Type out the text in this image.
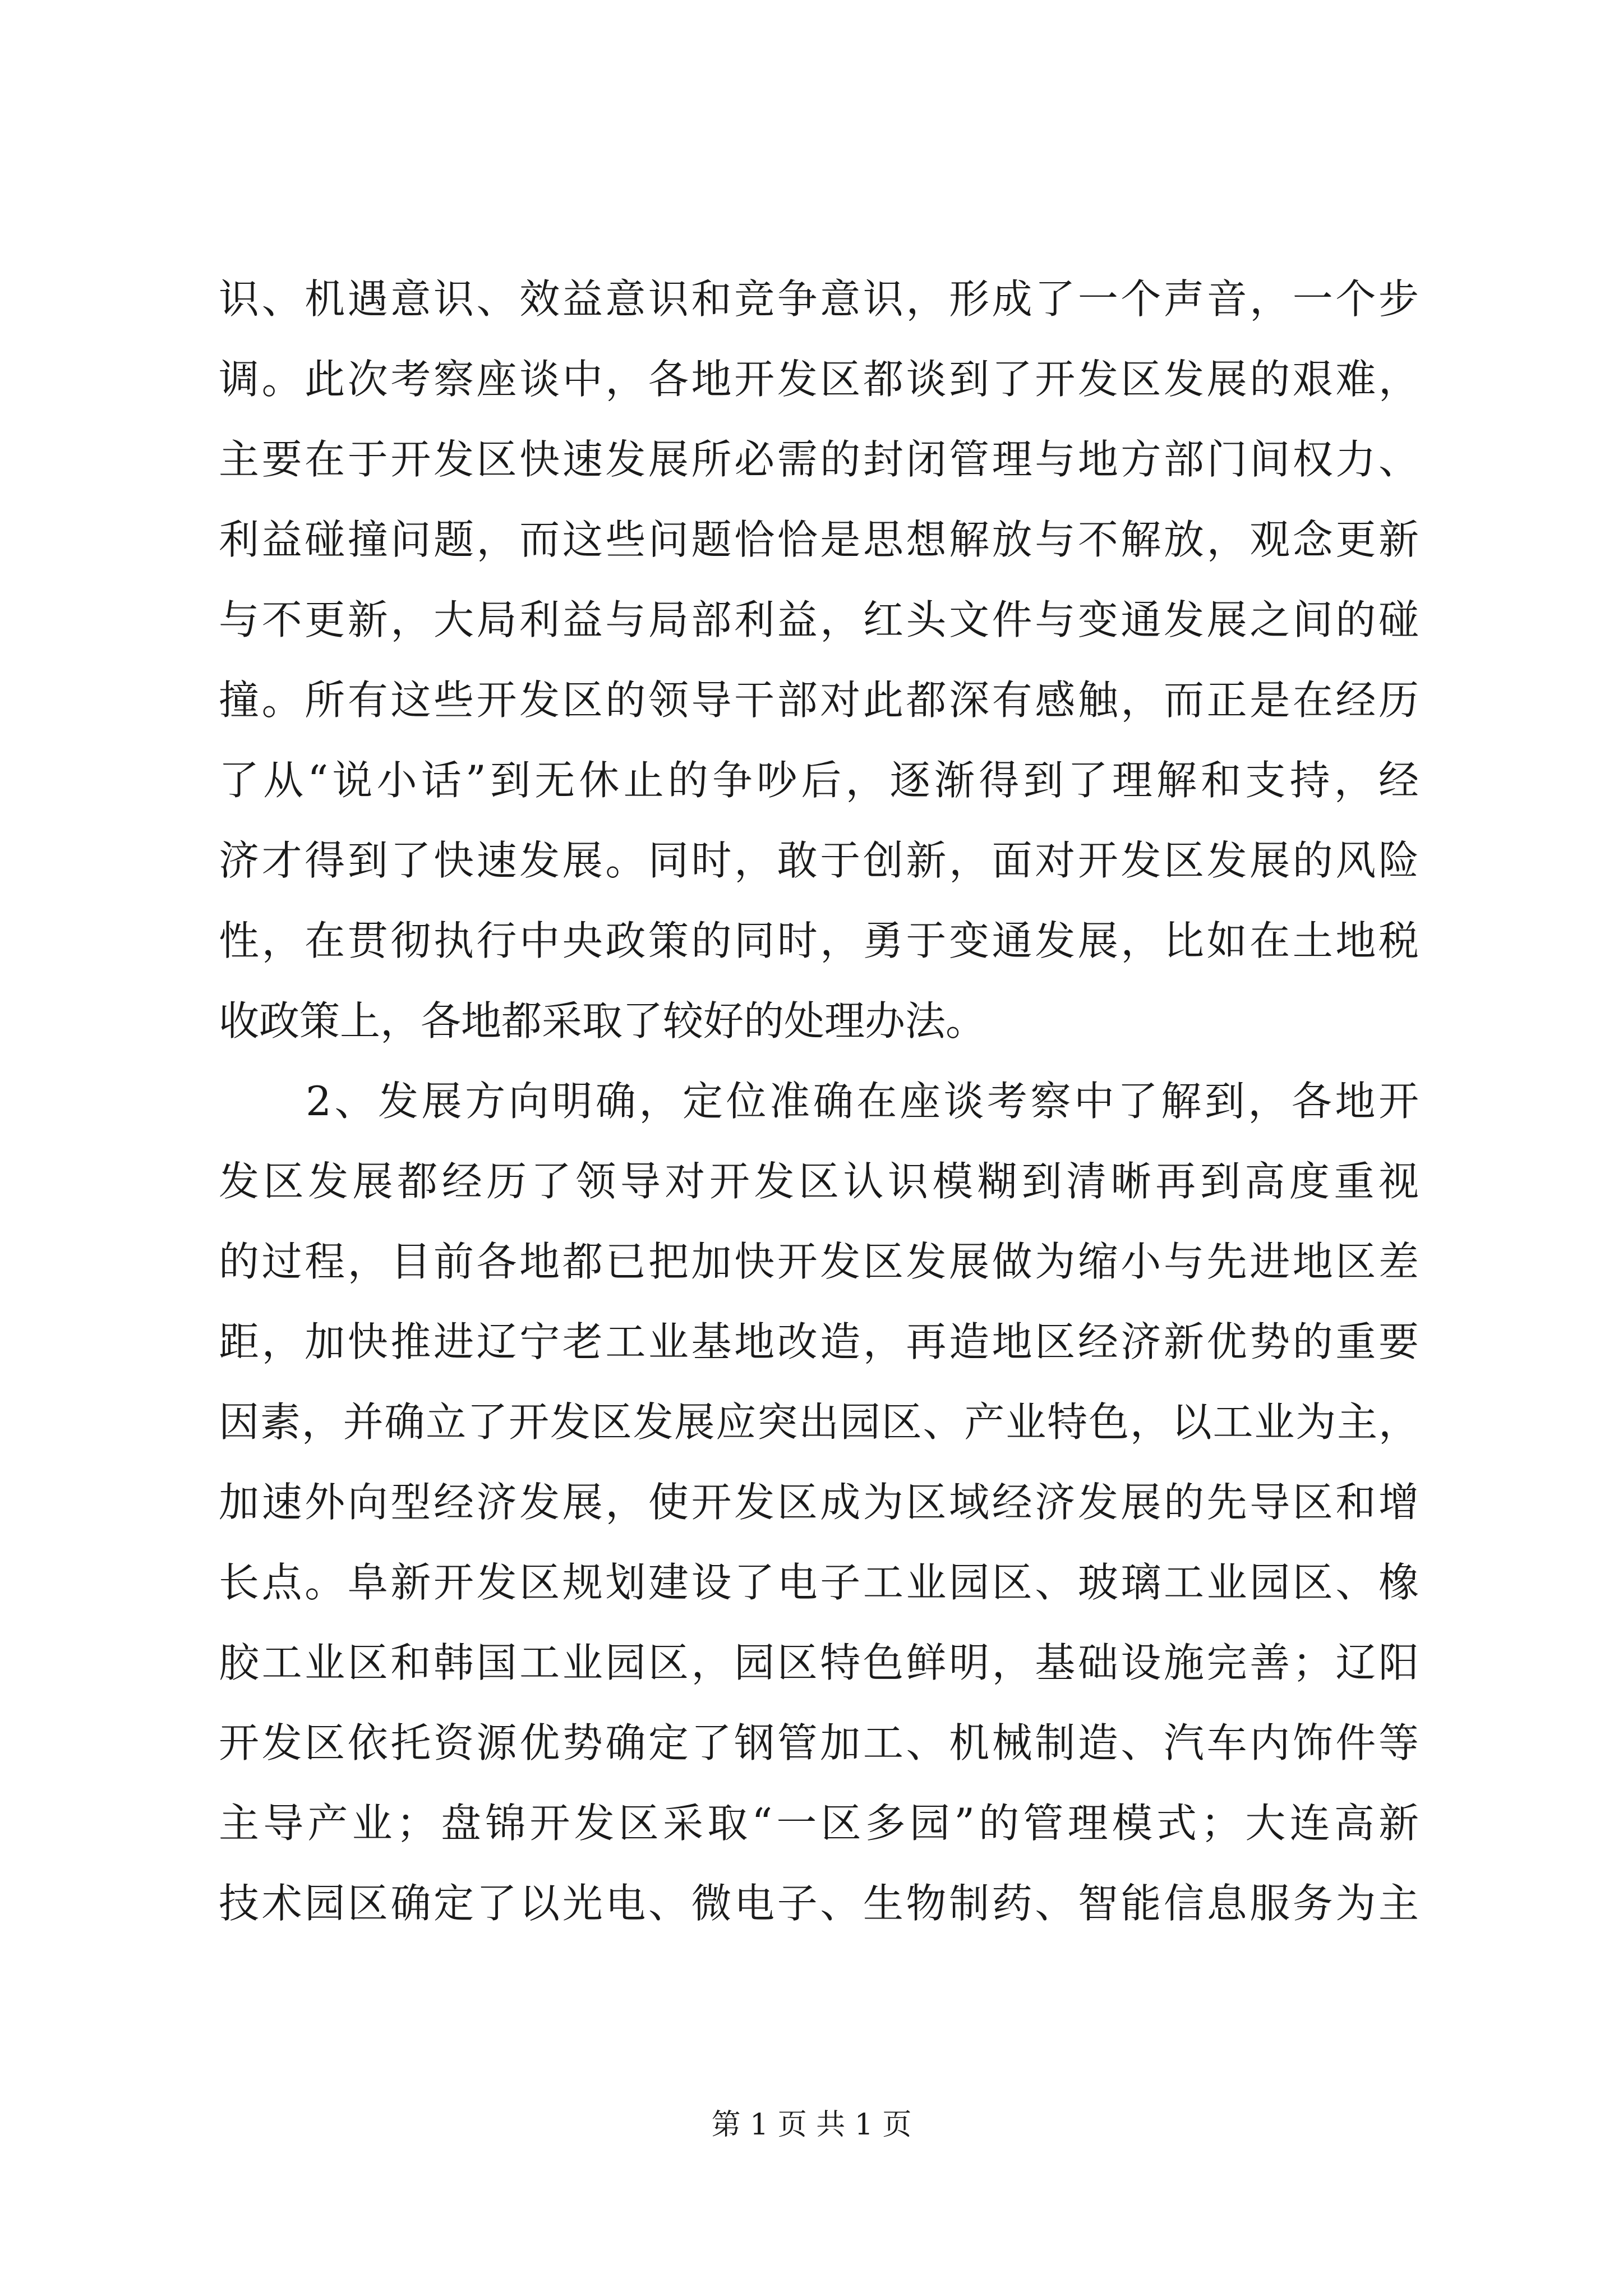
识、机遇意识、效益意识和竞争意识，形成了一个声音，一个步
调。此次考察座谈中，各地开发区都谈到了开发区发展的艰难，
主要在于开发区快速发展所必需的封闭管理与地方部门间权力、
利益碰撞问题，而这些问题恰恰是思想解放与不解放，观念更新
与不更新，大局利益与局部利益，红头文件与变通发展之间的碰
撞。所有这些开发区的领导干部对此都深有感触，而正是在经历
了从“说小话”到无休止的争吵后，逐渐得到了理解和支持，经
济才得到了快速发展。同时，敢于创新，面对开发区发展的风险
性，在贯彻执行中央政策的同时，勇于变通发展，比如在土地税
收政策上，各地都采取了较好的处理办法。
　　2、发展方向明确，定位准确在座谈考察中了解到，各地开
发区发展都经历了领导对开发区认识模糊到清晰再到高度重视
的过程，目前各地都已把加快开发区发展做为缩小与先进地区差
距，加快推进辽宁老工业基地改造，再造地区经济新优势的重要
因素，并确立了开发区发展应突出园区、产业特色，以工业为主，
加速外向型经济发展，使开发区成为区域经济发展的先导区和增
长点。阜新开发区规划建设了电子工业园区、玻璃工业园区、橡
胶工业区和韩国工业园区，园区特色鲜明，基础设施完善；辽阳
开发区依托资源优势确定了钢管加工、机械制造、汽车内饰件等
主导产业；盘锦开发区采取“一区多园”的管理模式；大连高新
技术园区确定了以光电、微电子、生物制药、智能信息服务为主
第 1 页 共 1 页
